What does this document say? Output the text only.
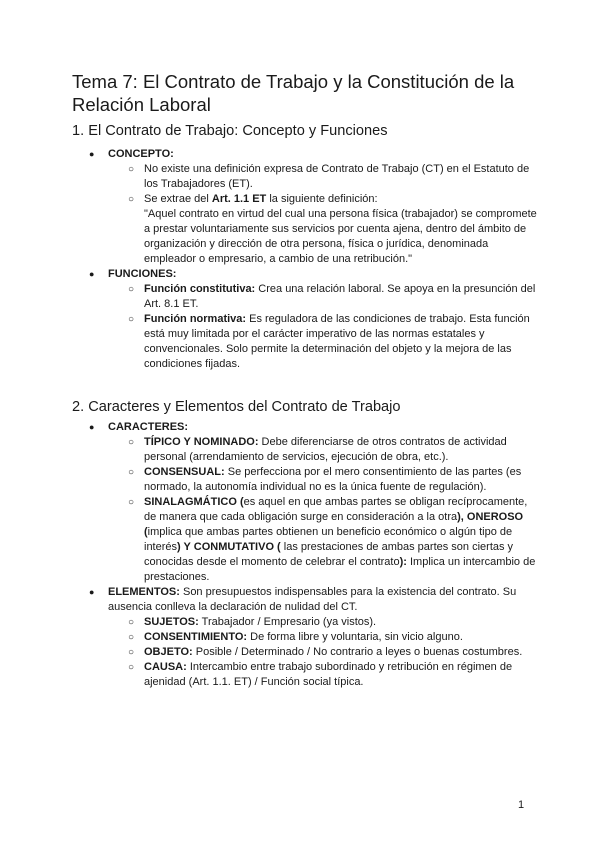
Tema 7: El Contrato de Trabajo y la Constitución de la Relación Laboral
1. El Contrato de Trabajo: Concepto y Funciones
● CONCEPTO:
○ No existe una definición expresa de Contrato de Trabajo (CT) en el Estatuto de los Trabajadores (ET).
○ Se extrae del Art. 1.1 ET la siguiente definición:
"Aquel contrato en virtud del cual una persona física (trabajador) se compromete a prestar voluntariamente sus servicios por cuenta ajena, dentro del ámbito de organización y dirección de otra persona, física o jurídica, denominada empleador o empresario, a cambio de una retribución."
● FUNCIONES:
○ Función constitutiva: Crea una relación laboral. Se apoya en la presunción del Art. 8.1 ET.
○ Función normativa: Es reguladora de las condiciones de trabajo. Esta función está muy limitada por el carácter imperativo de las normas estatales y convencionales. Solo permite la determinación del objeto y la mejora de las condiciones fijadas.
2. Caracteres y Elementos del Contrato de Trabajo
● CARACTERES:
○ TÍPICO Y NOMINADO: Debe diferenciarse de otros contratos de actividad personal (arrendamiento de servicios, ejecución de obra, etc.).
○ CONSENSUAL: Se perfecciona por el mero consentimiento de las partes (es normado, la autonomía individual no es la única fuente de regulación).
○ SINALAGMÁTICO (es aquel en que ambas partes se obligan recíprocamente, de manera que cada obligación surge en consideración a la otra), ONEROSO (implica que ambas partes obtienen un beneficio económico o algún tipo de interés) Y CONMUTATIVO ( las prestaciones de ambas partes son ciertas y conocidas desde el momento de celebrar el contrato): Implica un intercambio de prestaciones.
● ELEMENTOS: Son presupuestos indispensables para la existencia del contrato. Su ausencia conlleva la declaración de nulidad del CT.
○ SUJETOS: Trabajador / Empresario (ya vistos).
○ CONSENTIMIENTO: De forma libre y voluntaria, sin vicio alguno.
○ OBJETO: Posible / Determinado / No contrario a leyes o buenas costumbres.
○ CAUSA: Intercambio entre trabajo subordinado y retribución en régimen de ajenidad (Art. 1.1. ET) / Función social típica.
1
